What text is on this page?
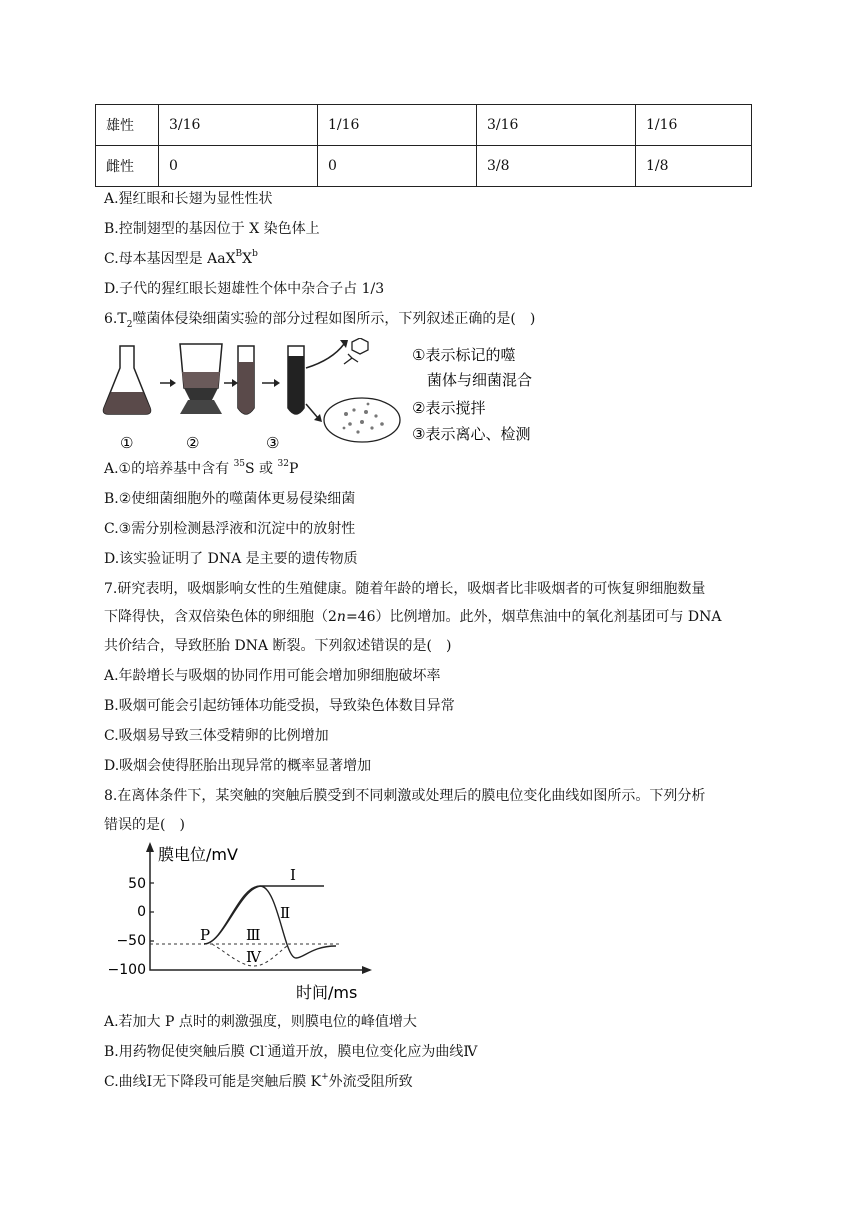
雄性	3/16	1/16	3/16	1/16
雌性	0	0	3/8	1/8
A.猩红眼和长翅为显性性状
B.控制翅型的基因位于 X 染色体上
C.母本基因型是 $AaX^BX^b$
D.子代的猩红眼长翅雄性个体中杂合子占 1/3
$6.T_2$噬菌体侵染细菌实验的部分过程如图所示，下列叙述正确的是(　)
①	②	③
①表示标记的噬
　菌体与细菌混合
②表示搅拌
③表示离心、检测
A.①的培养基中含有 $^{35}$S 或 $^{32}$P
B.②使细菌细胞外的噬菌体更易侵染细菌
C.③需分别检测悬浮液和沉淀中的放射性
D.该实验证明了 DNA 是主要的遗传物质
7.研究表明，吸烟影响女性的生殖健康。随着年龄的增长，吸烟者比非吸烟者的可恢复卵细胞数量
下降得快，含双倍染色体的卵细胞（2n=46）比例增加。此外，烟草焦油中的氧化剂基团可与 DNA
共价结合，导致胚胎 DNA 断裂。下列叙述错误的是(　)
A.年龄增长与吸烟的协同作用可能会增加卵细胞破坏率
B.吸烟可能会引起纺锤体功能受损，导致染色体数目异常
C.吸烟易导致三体受精卵的比例增加
D.吸烟会使得胚胎出现异常的概率显著增加
8.在离体条件下，某突触的突触后膜受到不同刺激或处理后的膜电位变化曲线如图所示。下列分析
错误的是(　)
膜电位/mV
时间/ms
50
0
−50
−100
P
Ⅰ
Ⅱ
Ⅲ
Ⅳ
A.若加大 P 点时的刺激强度，则膜电位的峰值增大
B.用药物促使突触后膜 Cl-通道开放，膜电位变化应为曲线Ⅳ
C.曲线Ⅰ无下降段可能是突触后膜 K+外流受阻所致
